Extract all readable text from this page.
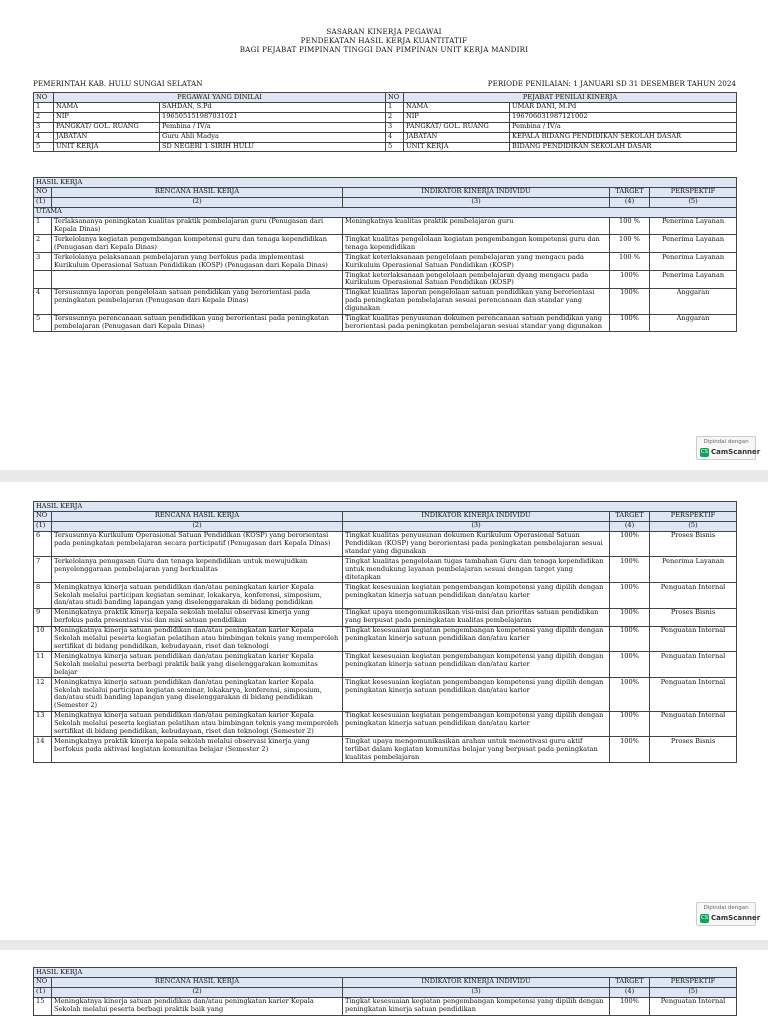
SASARAN KINERJA PEGAWAI
PENDEKATAN HASIL KERJA KUANTITATIF
BAGI PEJABAT PIMPINAN TINGGI DAN PIMPINAN UNIT KERJA MANDIRI
PEMERINTAH KAB. HULU SUNGAI SELATAN	PERIODE PENILAIAN: 1 JANUARI SD 31 DESEMBER TAHUN 2024
NO	PEGAWAI YANG DINILAI		NO	PEJABAT PENILAI KINERJA	
1	NAMA	SAHDAN, S.Pd	1	NAMA	UMAR DANI, M.Pd
2	NIP	196505151987031021	2	NIP	196706031987121002
3	PANGKAT/ GOL. RUANG	Pembina / IV/a	3	PANGKAT/ GOL. RUANG	Pembina / IV/a
4	JABATAN	Guru Ahli Madya	4	JABATAN	KEPALA BIDANG PENDIDIKAN SEKOLAH DASAR
5	UNIT KERJA	SD NEGERI 1 SIRIH HULU	5	UNIT KERJA	BIDANG PENDIDIKAN SEKOLAH DASAR
HASIL KERJA				
NO	RENCANA HASIL KERJA	INDIKATOR KINERJA INDIVIDU	TARGET	PERSPEKTIF
(1)	(2)	(3)	(4)	(5)
UTAMA				
1	Terlaksananya peningkatan kualitas praktik pembelajaran guru (Penugasan dari Kepala Dinas)	Meningkatnya kualitas praktik pembelajaran guru	100 %	Penerima Layanan
2	Terkelolanya kegiatan pengembangan kompetensi guru dan tenaga kependidikan (Penugasan dari Kepala Dinas)	Tingkat kualitas pengelolaan kegiatan pengembangan kompetensi guru dan tenaga kependidikan	100 %	Penerima Layanan
3	Terkelolanya pelaksanaan pembelajaran yang berfokus pada implementasi Kurikulum Operasional Satuan Pendidikan (KOSP) (Penugasan dari Kepala Dinas)	Tingkat keterlaksanaan pengelolaan pembelajaran yang mengacu pada Kurikulum Operasional Satuan Pendidikan (KOSP)	100 %	Penerima Layanan
		Tingkat keterlaksanaan pengelolaan pembelajaran dyang mengacu pada Kurikulum Operasional Satuan Pendidikan (KOSP)	100%	Penerima Layanan
4	Tersusunnya laporan pengelolaan satuan pendidikan yang berorientasi pada peningkatan pembelajaran (Penugasan dari Kepala Dinas)	Tingkat kualitas laporan pengelolaan satuan pendidikan yang berorientasi pada peningkatan pembelajaran sesuai perencanaan dan standar yang digunakan	100%	Anggaran
5	Tersusunnya perencanaan satuan pendidikan yang berorientasi pada peningkatan pembelajaran (Penugasan dari Kepala Dinas)	Tingkat kualitas penyusunan dokumen perencanaan satuan pendidikan yang berorientasi pada peningkatan pembelajaran sesuai standar yang digunakan	100%	Anggaran
Dipindai dengan
CS CamScanner
HASIL KERJA				
NO	RENCANA HASIL KERJA	INDIKATOR KINERJA INDIVIDU	TARGET	PERSPEKTIF
(1)	(2)	(3)	(4)	(5)
6	Tersusunnya Kurikulum Operasional Satuan Pendidikan (KOSP) yang berorientasi pada peningkatan pembelajaran secara participatif (Penugasan dari Kepala Dinas)	Tingkat kualitas penyusunan dokumen Kurikulum Operasional Satuan Pendidikan (KOSP) yang berorientasi pada peningkatan pembelajaran sesuai standar yang digunakan	100%	Proses Bisnis
7	Terkelolanya penugasan Guru dan tenaga kependidikan untuk mewujudkan penyelenggaraan pembelajaran yang berkualitas	Tingkat kualitas pengelolaan tugas tambahan Guru dan tenaga kependidikan untuk mendukung layanan pembelajaran sesuai dengan target yang ditetapkan	100%	Penerima Layanan
8	Meningkatnya kinerja satuan pendidikan dan/atau peningkatan karier Kepala Sekolah melalui participan kegiatan seminar, lokakarya, konferensi, simposium, dan/atau studi banding lapangan yang diselenggarakan di bidang pendidikan	Tingkat kesesuaian kegiatan pengembangan kompetensi yang dipilih dengan peningkatan kinerja satuan pendidikan dan/atau karier	100%	Penguatan Internal
9	Meningkatnya praktik kinerja kepala sekolah melalui observasi kinerja yang berfokus pada presentasi visi dan misi satuan pendidikan	Tingkat upaya mengomunikasikan visi-misi dan prioritas satuan pendidikan yang berpusat pada peningkatan kualitas pembelajaran	100%	Proses Bisnis
10	Meningkatnya kinerja satuan pendidikan dan/atau peningkatan karier Kepala Sekolah melalui peserta kegiatan pelatihan atau bimbingan teknis yang memperoleh sertifikat di bidang pendidikan, kebudayaan, riset dan teknologi	Tingkat kesesuaian kegiatan pengembangan kompetensi yang dipilih dengan peningkatan kinerja satuan pendidikan dan/atau karier	100%	Penguatan Internal
11	Meningkatnya kinerja satuan pendidikan dan/atau peningkatan karier Kepala Sekolah melalui peserta berbagi praktik baik yang diselenggarakan komunitas belajar	Tingkat kesesuaian kegiatan pengembangan kompetensi yang dipilih dengan peningkatan kinerja satuan pendidikan dan/atau karier	100%	Penguatan Internal
12	Meningkatnya kinerja satuan pendidikan dan/atau peningkatan karier Kepala Sekolah melalui participan kegiatan seminar, lokakarya, konferensi, simposium, dan/atau studi banding lapangan yang diselenggarakan di bidang pendidikan (Semester 2)	Tingkat kesesuaian kegiatan pengembangan kompetensi yang dipilih dengan peningkatan kinerja satuan pendidikan dan/atau karier	100%	Penguatan Internal
13	Meningkatnya kinerja satuan pendidikan dan/atau peningkatan karier Kepala Sekolah melalui peserta kegiatan pelatihan atau bimbingan teknis yang memperoleh sertifikat di bidang pendidikan, kebudayaan, riset dan teknologi (Semester 2)	Tingkat kesesuaian kegiatan pengembangan kompetensi yang dipilih dengan peningkatan kinerja satuan pendidikan dan/atau karier	100%	Penguatan Internal
14	Meningkatnya praktik kinerja kepala sekolah melalui observasi kinerja yang berfokus pada aktivasi kegiatan komunitas belajar (Semester 2)	Tingkat upaya mengomunikasikan arahan untuk memotivasi guru aktif terlibat dalam kegiatan komunitas belajar yang berpusat pada peningkatan kualitas pembelajaran	100%	Proses Bisnis
Dipindai dengan
CS CamScanner
HASIL KERJA				
NO	RENCANA HASIL KERJA	INDIKATOR KINERJA INDIVIDU	TARGET	PERSPEKTIF
(1)	(2)	(3)	(4)	(5)
15	Meningkatnya kinerja satuan pendidikan dan/atau peningkatan karier Kepala Sekolah melalui peserta berbagi praktik baik yang	Tingkat kesesuaian kegiatan pengembangan kompetensi yang dipilih dengan peningkatan kinerja satuan pendidikan	100%	Penguatan Internal
